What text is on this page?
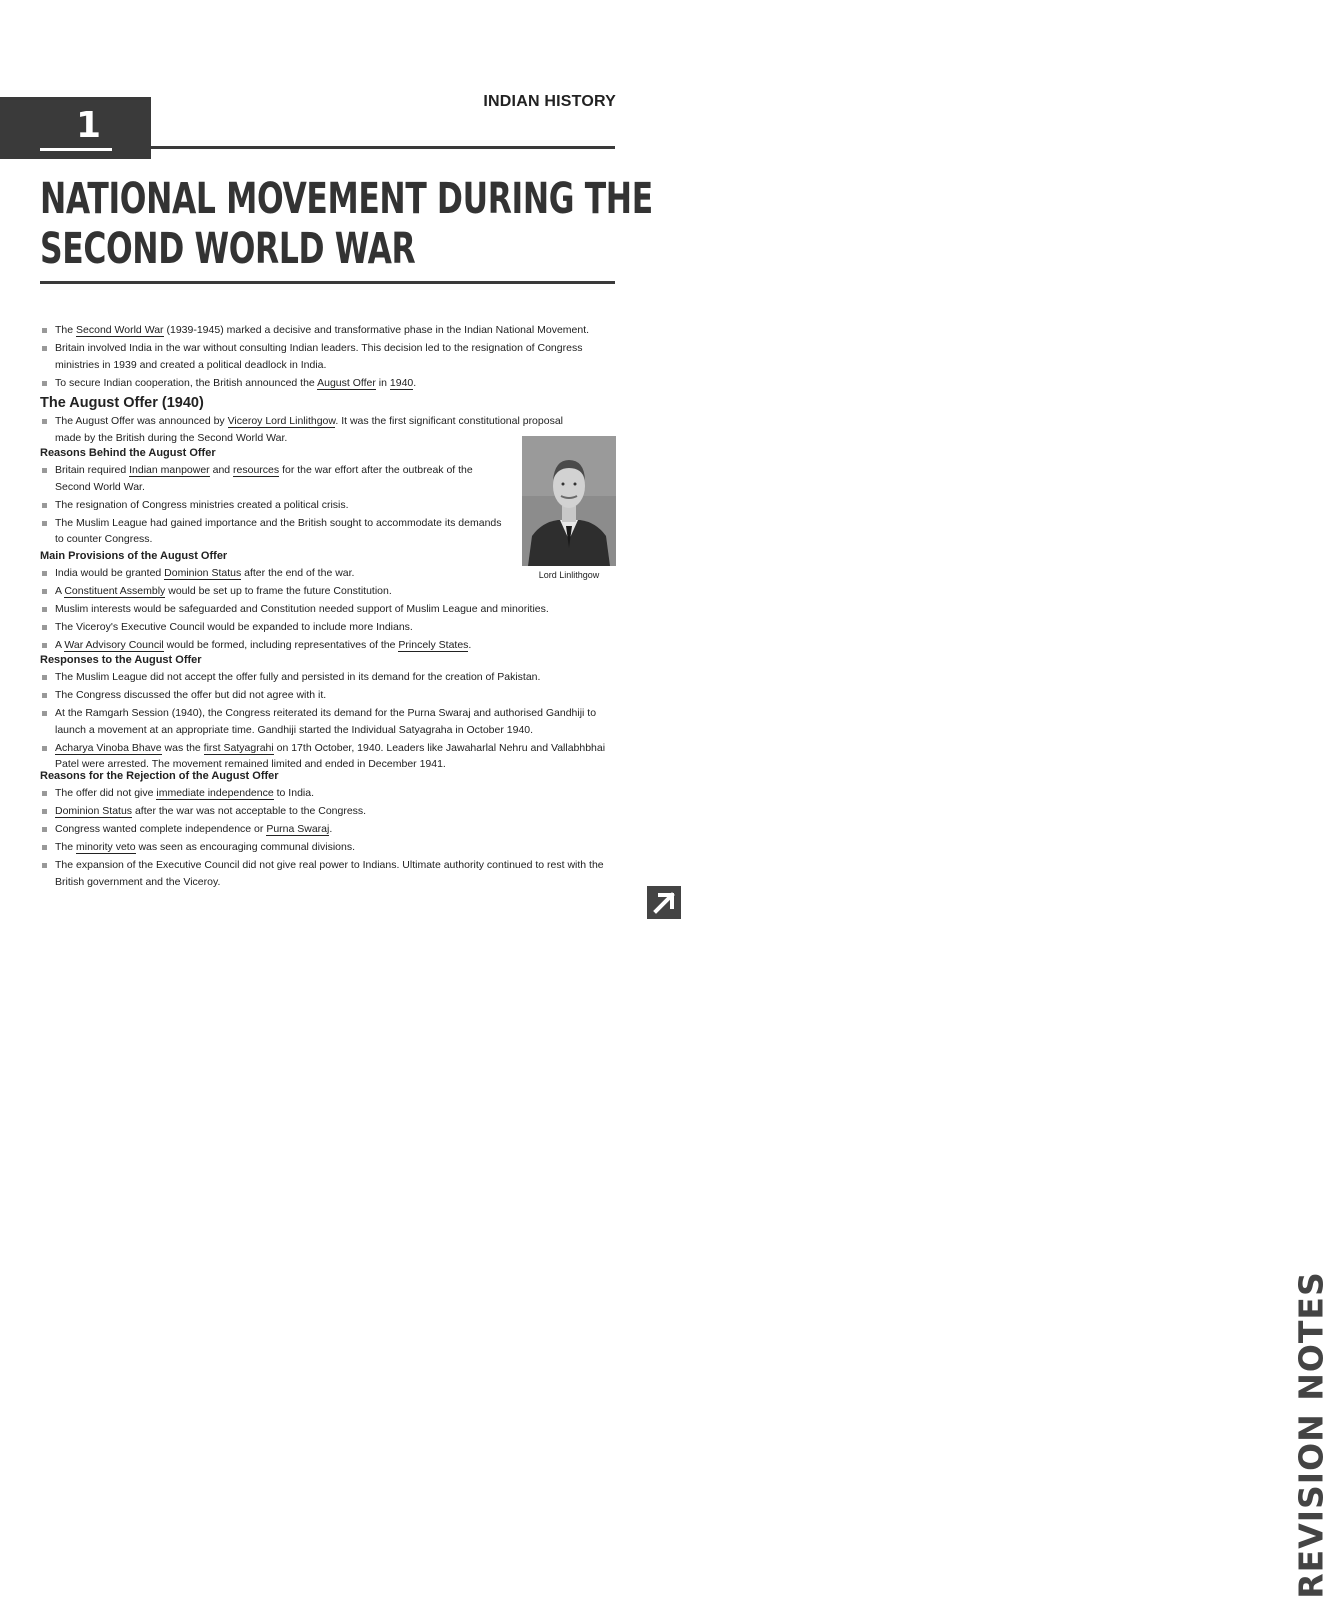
1
INDIAN HISTORY
NATIONAL MOVEMENT DURING THE
SECOND WORLD WAR
The Second World War (1939-1945) marked a decisive and transformative phase in the Indian National Movement.
Britain involved India in the war without consulting Indian leaders. This decision led to the resignation of Congress ministries in 1939 and created a political deadlock in India.
To secure Indian cooperation, the British announced the August Offer in 1940.
The August Offer (1940)
The August Offer was announced by Viceroy Lord Linlithgow. It was the first significant constitutional proposal made by the British during the Second World War.
Reasons Behind the August Offer
Britain required Indian manpower and resources for the war effort after the outbreak of the Second World War.
The resignation of Congress ministries created a political crisis.
The Muslim League had gained importance and the British sought to accommodate its demands to counter Congress.
Main Provisions of the August Offer
India would be granted Dominion Status after the end of the war.
A Constituent Assembly would be set up to frame the future Constitution.
Muslim interests would be safeguarded and Constitution needed support of Muslim League and minorities.
The Viceroy's Executive Council would be expanded to include more Indians.
A War Advisory Council would be formed, including representatives of the Princely States.
Responses to the August Offer
The Muslim League did not accept the offer fully and persisted in its demand for the creation of Pakistan.
The Congress discussed the offer but did not agree with it.
At the Ramgarh Session (1940), the Congress reiterated its demand for the Purna Swaraj and authorised Gandhiji to launch a movement at an appropriate time. Gandhiji started the Individual Satyagraha in October 1940.
Acharya Vinoba Bhave was the first Satyagrahi on 17th October, 1940. Leaders like Jawaharlal Nehru and Vallabhbhai Patel were arrested. The movement remained limited and ended in December 1941.
Reasons for the Rejection of the August Offer
The offer did not give immediate independence to India.
Dominion Status after the war was not acceptable to the Congress.
Congress wanted complete independence or Purna Swaraj.
The minority veto was seen as encouraging communal divisions.
The expansion of the Executive Council did not give real power to Indians. Ultimate authority continued to rest with the British government and the Viceroy.
Lord Linlithgow
REVISION NOTES
